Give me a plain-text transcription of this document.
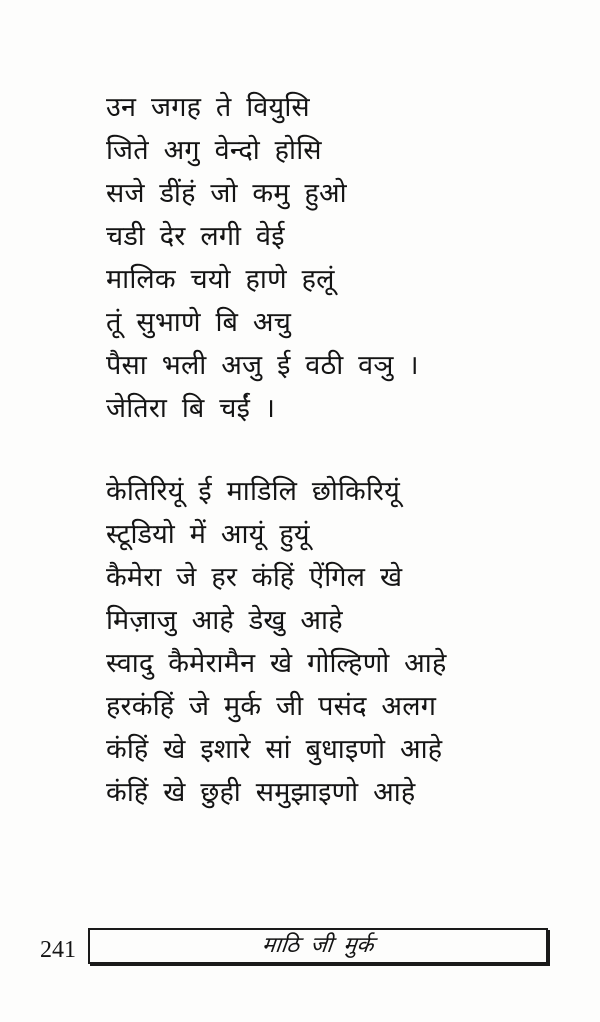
उन जगह ते वियुसि
जिते अगु वेन्दो होसि
सजे डींहं जो कमु हुओ
चडी देर लगी वेई
मालिक चयो हाणे हलूं
तूं सुभाणे बि अचु
पैसा भली अजु ई वठी वञु ।
जेतिरा बि चईं ।
केतिरियूं ई माडिलि छोकिरियूं
स्टूडियो में आयूं हुयूं
कैमेरा जे हर कंहिं ऐंगिल खे
मिज़ाजु आहे डेखु आहे
स्वादु कैमेरामैन खे गोल्हिणो आहे
हरकंहिं जे मुर्क जी पसंद अलग
कंहिं खे इशारे सां बुधाइणो आहे
कंहिं खे छुही समुझाइणो आहे
241	माठि जी मुर्क
